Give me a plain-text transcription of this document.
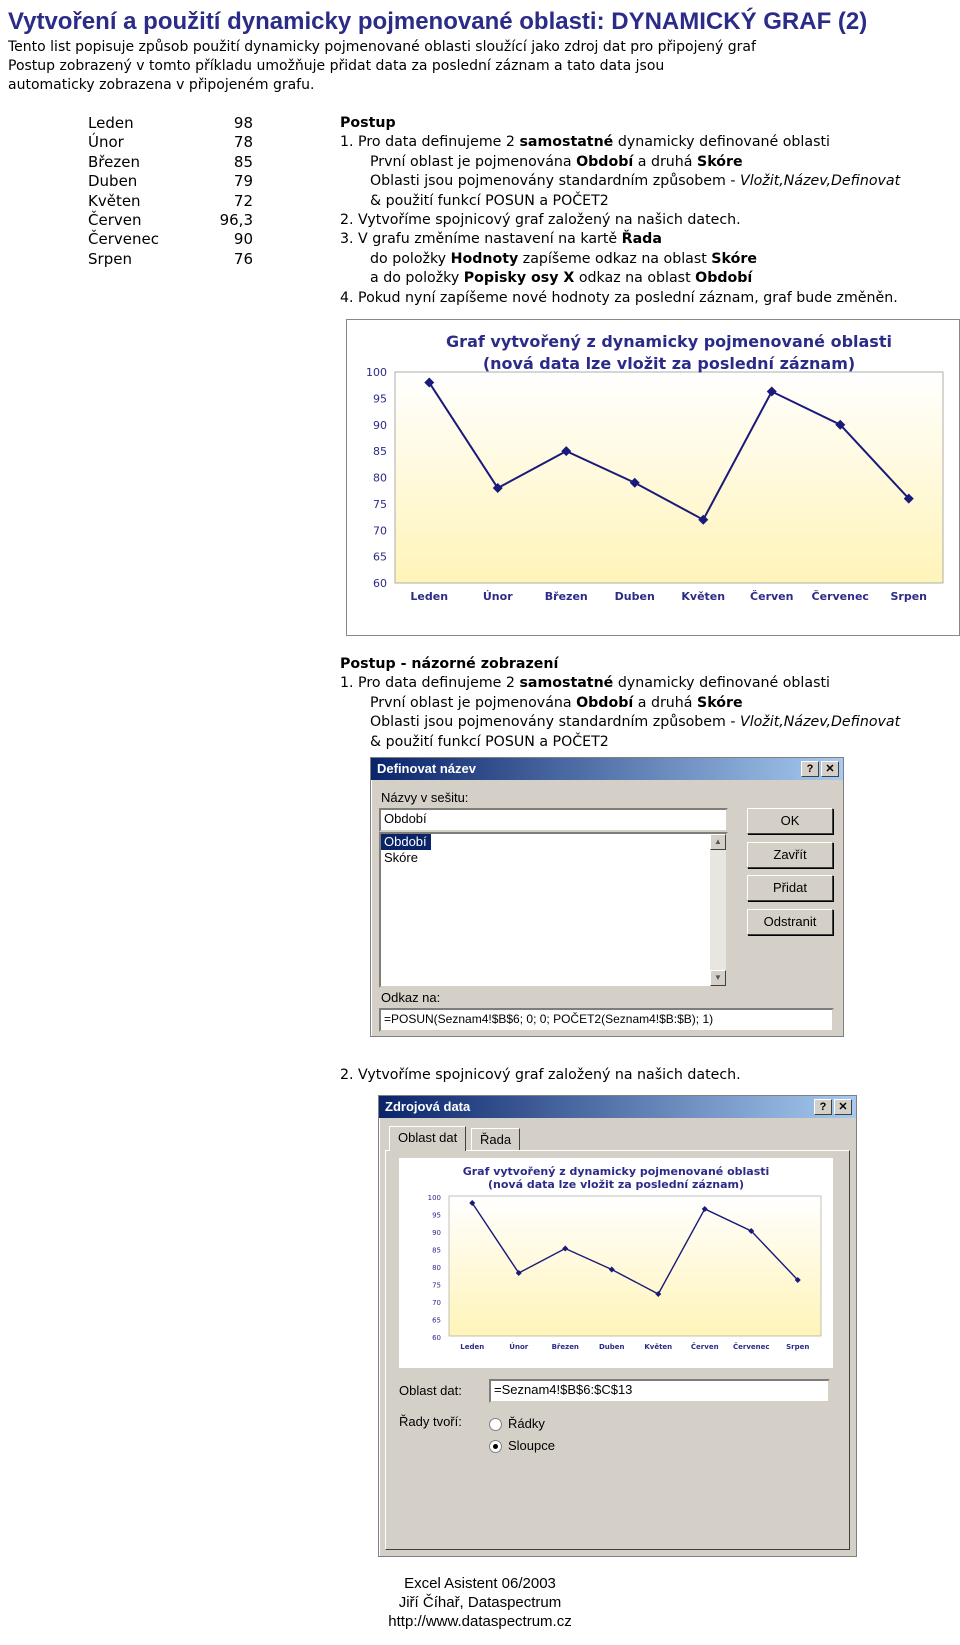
Vytvoření a použití dynamicky pojmenované oblasti: DYNAMICKÝ GRAF (2)
Tento list popisuje způsob použití dynamicky pojmenované oblasti sloužící jako zdroj dat pro připojený graf
Postup zobrazený v tomto příkladu umožňuje přidat data za poslední záznam a tato data jsou
automaticky zobrazena v připojeném grafu.
Leden	98
Únor	78
Březen	85
Duben	79
Květen	72
Červen	96,3
Červenec	90
Srpen	76
Postup
1. Pro data definujeme 2 samostatné dynamicky definované oblasti
První oblast je pojmenována Období a druhá Skóre
Oblasti jsou pojmenovány standardním způsobem - Vložit,Název,Definovat
& použití funkcí POSUN a POČET2
2. Vytvoříme spojnicový graf založený na našich datech.
3. V grafu změníme nastavení na kartě Řada
do položky Hodnoty zapíšeme odkaz na oblast Skóre
a do položky Popisky osy X odkaz na oblast Období
4. Pokud nyní zapíšeme nové hodnoty za poslední záznam, graf bude změněn.
Graf vytvořený z dynamicky pojmenované oblasti
(nová data lze vložit za poslední záznam)
60
65
70
75
80
85
90
95
100
Leden	Únor	Březen Duben Květen Červen Červenec Srpen
Postup - názorné zobrazení
1. Pro data definujeme 2 samostatné dynamicky definované oblasti
První oblast je pojmenována Období a druhá Skóre
Oblasti jsou pojmenovány standardním způsobem - Vložit,Název,Definovat
& použití funkcí POSUN a POČET2
Definovat název	?	✕
Názvy v sešitu:
Období
Období
Skóre
▲
▼
OK
Zavřít
Přidat
Odstranit
Odkaz na:
=POSUN(Seznam4!$B$6; 0; 0; POČET2(Seznam4!$B:$B); 1)
2. Vytvoříme spojnicový graf založený na našich datech.
Zdrojová data	?	✕
Oblast dat	Řada
Graf vytvořený z dynamicky pojmenované oblasti
(nová data lze vložit za poslední záznam)
60
65
70
75
80
85
90
95
100
Leden	Únor	Březen	Duben	Květen	Červen Červenec Srpen
Oblast dat:	=Seznam4!$B$6:$C$13
Řady tvoří:	Řádky
Sloupce
Excel Asistent 06/2003
Jiří Číhař, Dataspectrum
http://www.dataspectrum.cz
